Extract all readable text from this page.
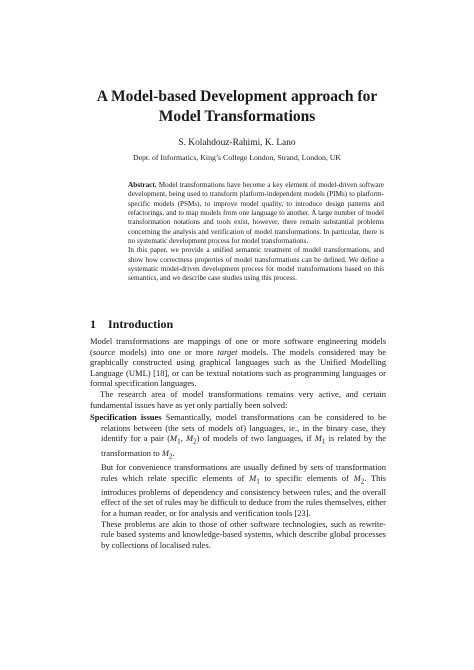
A Model-based Development approach for
Model Transformations
S. Kolahdouz-Rahimi, K. Lano
Dept. of Informatics, King’s College London, Strand, London, UK

Abstract. Model transformations have become a key element of model-driven software development, being used to transform platform-independent models (PIMs) to platform-specific models (PSMs), to improve model quality, to introduce design patterns and refactorings, and to map models from one language to another. A large number of model transformation notations and tools exist, however, there remain substantial problems concerning the analysis and verification of model transformations. In particular, there is no systematic development process for model transformations.

In this paper, we provide a unified semantic treatment of model transformations, and show how correctness properties of model transformations can be defined. We define a systematic model-driven development process for model transformations based on this semantics, and we describe case studies using this process.

1 Introduction

Model transformations are mappings of one or more software engineering models (source models) into one or more target models. The models considered may be graphically constructed using graphical languages such as the Unified Modelling Language (UML) [18], or can be textual notations such as programming languages or formal specification languages.

The research area of model transformations remains very active, and certain fundamental issues have as yet only partially been solved:

Specification issues Semantically, model transformations can be considered to be relations between (the sets of models of) languages, ie., in the binary case, they identify for a pair ($M_1$, $M_2$) of models of two languages, if $M_1$ is related by the transformation to $M_2$.

But for convenience transformations are usually defined by sets of transformation rules which relate specific elements of $M_1$ to specific elements of $M_2$. This introduces problems of dependency and consistency between rules, and the overall effect of the set of rules may be difficult to deduce from the rules themselves, either for a human reader, or for analysis and verification tools [23].

These problems are akin to those of other software technologies, such as rewrite-rule based systems and knowledge-based systems, which describe global processes by collections of localised rules.
